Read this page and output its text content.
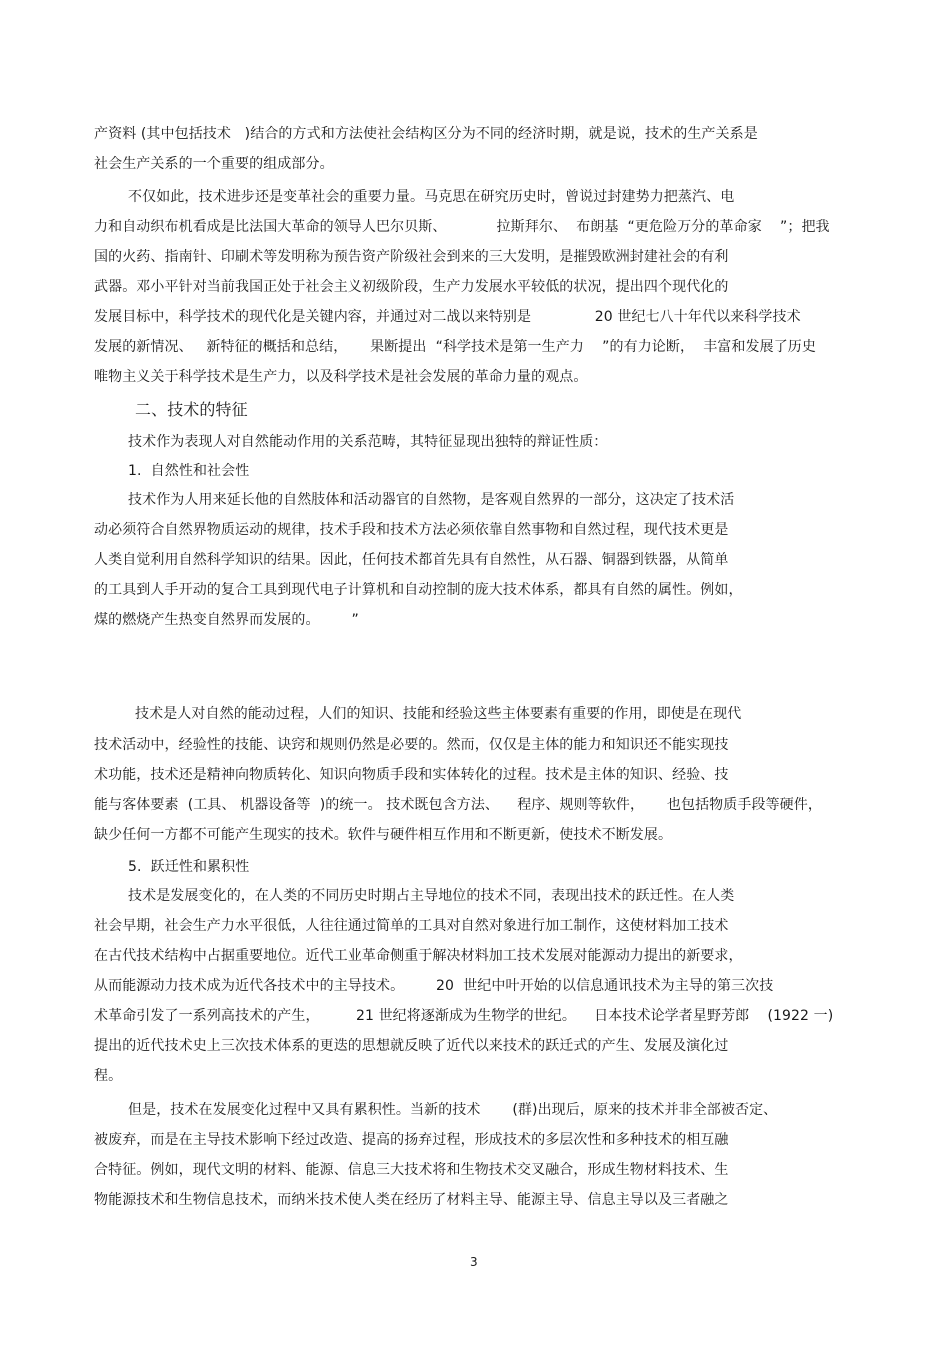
产资料 (其中包括技术   )结合的方式和方法使社会结构区分为不同的经济时期，就是说，技术的生产关系是
社会生产关系的一个重要的组成部分。
不仅如此，技术进步还是变革社会的重要力量。马克思在研究历史时，曾说过封建势力把蒸汽、电
力和自动织布机看成是比法国大革命的领导人巴尔贝斯、           拉斯拜尔、  布朗基  “更危险万分的革命家    ”；把我
国的火药、指南针、印刷术等发明称为预告资产阶级社会到来的三大发明，是摧毁欧洲封建社会的有利
武器。邓小平针对当前我国正处于社会主义初级阶段，生产力发展水平较低的状况，提出四个现代化的
发展目标中，科学技术的现代化是关键内容，并通过对二战以来特别是              20 世纪七八十年代以来科学技术
发展的新情况、   新特征的概括和总结，     果断提出  “科学技术是第一生产力    ”的有力论断，  丰富和发展了历史
唯物主义关于科学技术是生产力，以及科学技术是社会发展的革命力量的观点。
二、技术的特征
技术作为表现人对自然能动作用的关系范畴，其特征显现出独特的辩证性质：
1.  自然性和社会性
技术作为人用来延长他的自然肢体和活动器官的自然物，是客观自然界的一部分，这决定了技术活
动必须符合自然界物质运动的规律，技术手段和技术方法必须依靠自然事物和自然过程，现代技术更是
人类自觉利用自然科学知识的结果。因此，任何技术都首先具有自然性，从石器、铜器到铁器，从简单
的工具到人手开动的复合工具到现代电子计算机和自动控制的庞大技术体系，都具有自然的属性。例如，
煤的燃烧产生热变自然界而发展的。       ”
技术是人对自然的能动过程，人们的知识、技能和经验这些主体要素有重要的作用，即使是在现代
技术活动中，经验性的技能、诀窍和规则仍然是必要的。然而，仅仅是主体的能力和知识还不能实现技
术功能，技术还是精神向物质转化、知识向物质手段和实体转化的过程。技术是主体的知识、经验、技
能与客体要素  (工具、 机器设备等  )的统一。 技术既包含方法、    程序、规则等软件，     也包括物质手段等硬件，
缺少任何一方都不可能产生现实的技术。软件与硬件相互作用和不断更新，使技术不断发展。
5.  跃迁性和累积性
技术是发展变化的，在人类的不同历史时期占主导地位的技术不同，表现出技术的跃迁性。在人类
社会早期，社会生产力水平很低，人往往通过简单的工具对自然对象进行加工制作，这使材料加工技术
在古代技术结构中占据重要地位。近代工业革命侧重于解决材料加工技术发展对能源动力提出的新要求，
从而能源动力技术成为近代各技术中的主导技术。       20  世纪中叶开始的以信息通讯技术为主导的第三次技
术革命引发了一系列高技术的产生，        21 世纪将逐渐成为生物学的世纪。    日本技术论学者星野芳郎    (1922 一)
提出的近代技术史上三次技术体系的更迭的思想就反映了近代以来技术的跃迁式的产生、发展及演化过
程。
但是，技术在发展变化过程中又具有累积性。当新的技术       (群)出现后，原来的技术并非全部被否定、
被废弃，而是在主导技术影响下经过改造、提高的扬弃过程，形成技术的多层次性和多种技术的相互融
合特征。例如，现代文明的材料、能源、信息三大技术将和生物技术交叉融合，形成生物材料技术、生
物能源技术和生物信息技术，而纳米技术使人类在经历了材料主导、能源主导、信息主导以及三者融之
3
